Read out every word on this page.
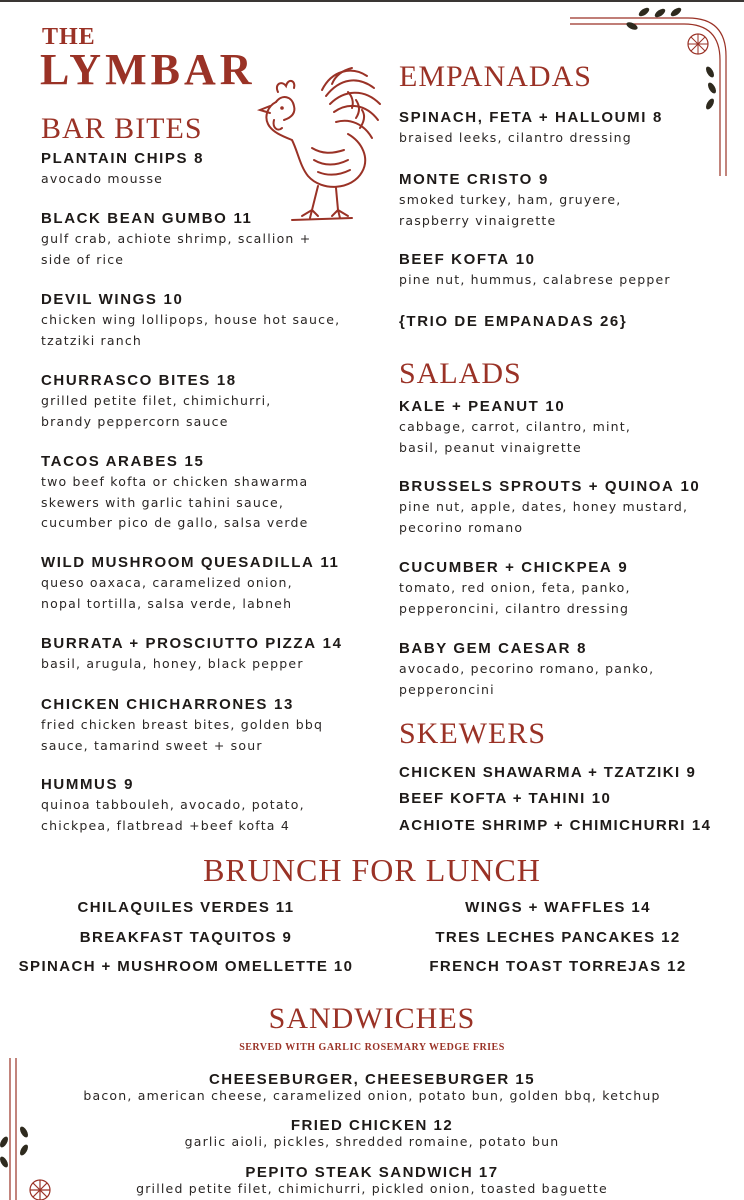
THE
LYMBAR
BAR BITES
PLANTAIN CHIPS 8
avocado mousse
BLACK BEAN GUMBO 11
gulf crab, achiote shrimp, scallion +
side of rice
DEVIL WINGS 10
chicken wing lollipops, house hot sauce,
tzatziki ranch
CHURRASCO BITES 18
grilled petite filet, chimichurri,
brandy peppercorn sauce
TACOS ARABES 15
two beef kofta or chicken shawarma
skewers with garlic tahini sauce,
cucumber pico de gallo, salsa verde
WILD MUSHROOM QUESADILLA 11
queso oaxaca, caramelized onion,
nopal tortilla, salsa verde, labneh
BURRATA + PROSCIUTTO PIZZA 14
basil, arugula, honey, black pepper
CHICKEN CHICHARRONES 13
fried chicken breast bites, golden bbq
sauce, tamarind sweet + sour
HUMMUS 9
quinoa tabbouleh, avocado, potato,
chickpea, flatbread +beef kofta 4
EMPANADAS
SPINACH, FETA + HALLOUMI 8
braised leeks, cilantro dressing
MONTE CRISTO 9
smoked turkey, ham, gruyere,
raspberry vinaigrette
BEEF KOFTA 10
pine nut, hummus, calabrese pepper
{TRIO DE EMPANADAS 26}
SALADS
KALE + PEANUT 10
cabbage, carrot, cilantro, mint,
basil, peanut vinaigrette
BRUSSELS SPROUTS + QUINOA 10
pine nut, apple, dates, honey mustard,
pecorino romano
CUCUMBER + CHICKPEA 9
tomato, red onion, feta, panko,
pepperoncini, cilantro dressing
BABY GEM CAESAR 8
avocado, pecorino romano, panko,
pepperoncini
SKEWERS
CHICKEN SHAWARMA + TZATZIKI 9
BEEF KOFTA + TAHINI 10
ACHIOTE SHRIMP + CHIMICHURRI 14
BRUNCH FOR LUNCH
CHILAQUILES VERDES 11
BREAKFAST TAQUITOS 9
SPINACH + MUSHROOM OMELLETTE 10
WINGS + WAFFLES 14
TRES LECHES PANCAKES 12
FRENCH TOAST TORREJAS 12
SANDWICHES
SERVED WITH GARLIC ROSEMARY WEDGE FRIES
CHEESEBURGER, CHEESEBURGER 15
bacon, american cheese, caramelized onion, potato bun, golden bbq, ketchup
FRIED CHICKEN 12
garlic aioli, pickles, shredded romaine, potato bun
PEPITO STEAK SANDWICH 17
grilled petite filet, chimichurri, pickled onion, toasted baguette
